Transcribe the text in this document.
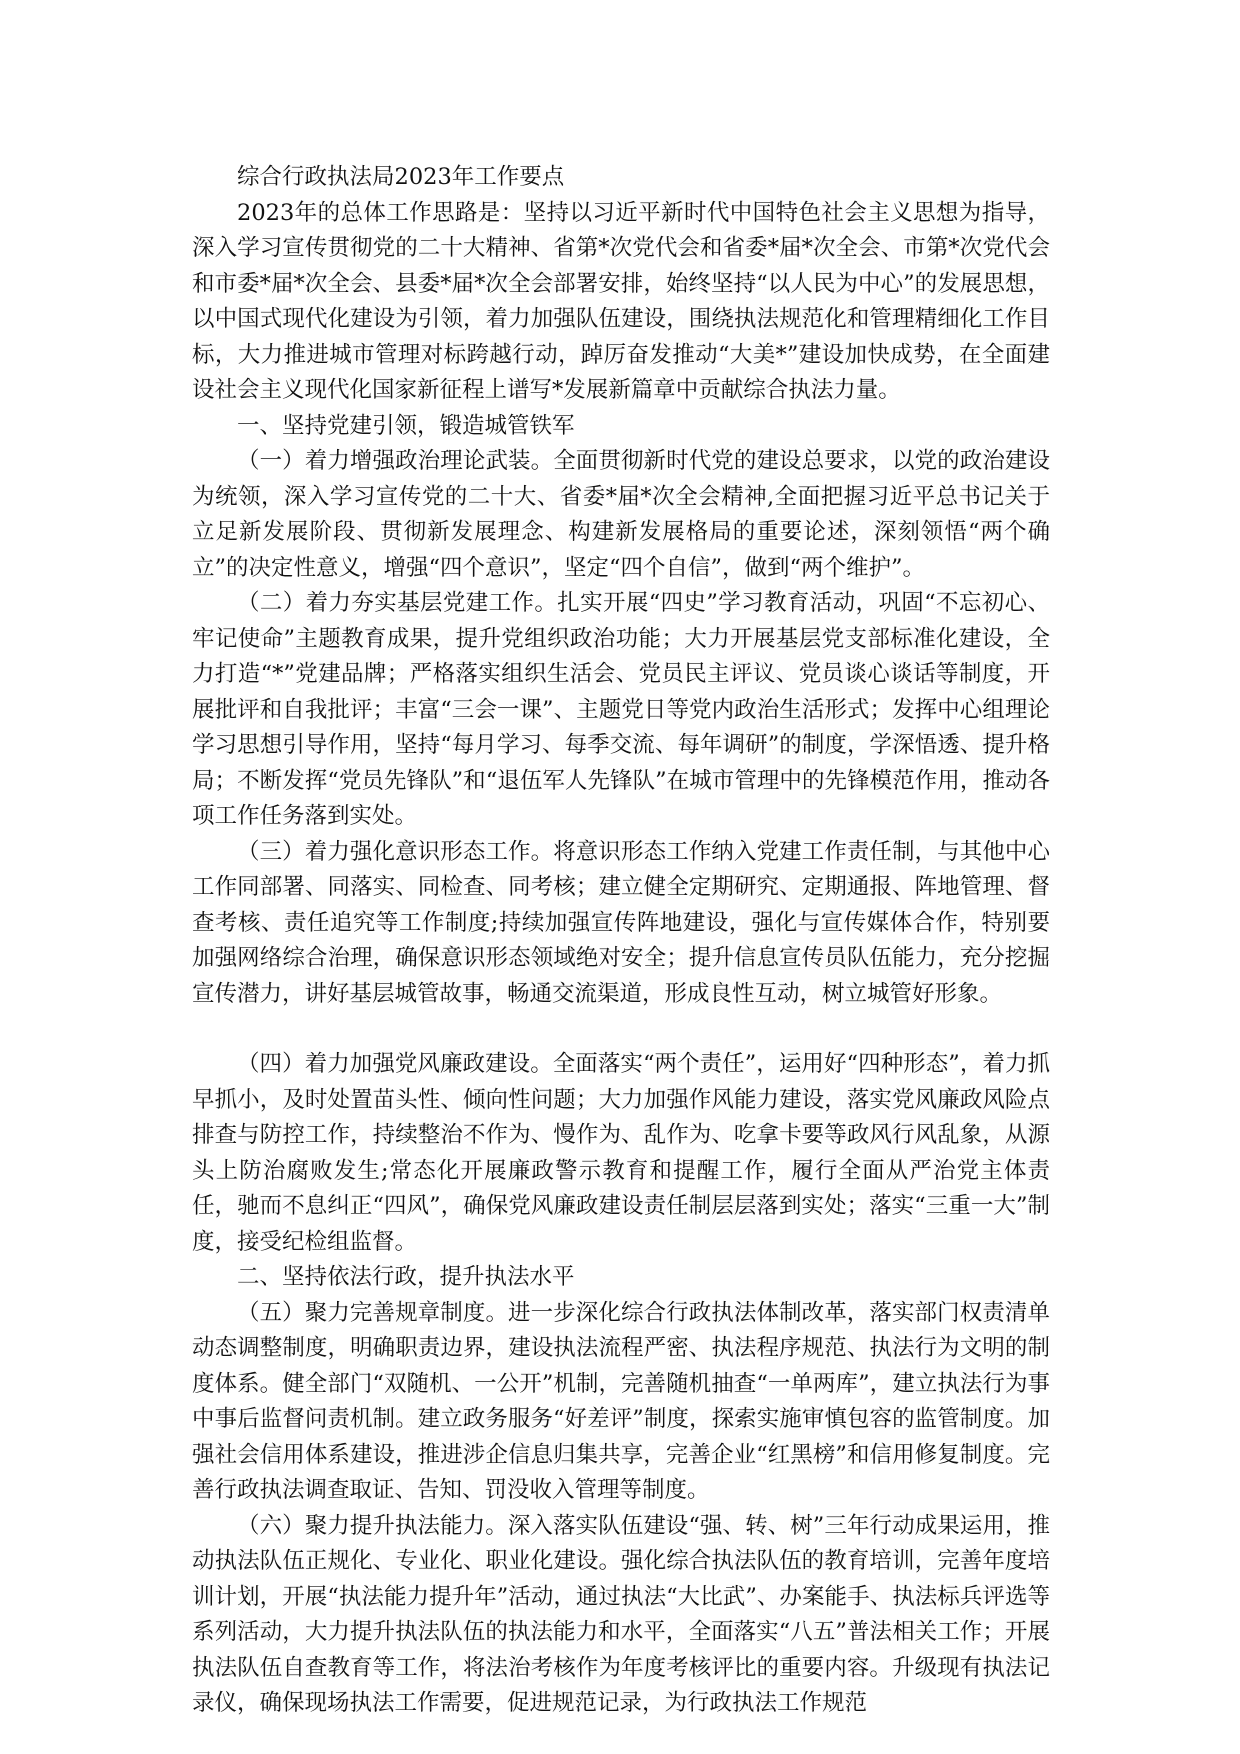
综合行政执法局2023年工作要点

2023年的总体工作思路是：坚持以习近平新时代中国特色社会主义思想为指导，深入学习宣传贯彻党的二十大精神、省第*次党代会和省委*届*次全会、市第*次党代会和市委*届*次全会、县委*届*次全会部署安排，始终坚持“以人民为中心”的发展思想，以中国式现代化建设为引领，着力加强队伍建设，围绕执法规范化和管理精细化工作目标，大力推进城市管理对标跨越行动，踔厉奋发推动“大美*”建设加快成势，在全面建设社会主义现代化国家新征程上谱写*发展新篇章中贡献综合执法力量。

一、坚持党建引领，锻造城管铁军

（一）着力增强政治理论武装。全面贯彻新时代党的建设总要求，以党的政治建设为统领，深入学习宣传党的二十大、省委*届*次全会精神,全面把握习近平总书记关于立足新发展阶段、贯彻新发展理念、构建新发展格局的重要论述，深刻领悟“两个确立”的决定性意义，增强“四个意识”，坚定“四个自信”，做到“两个维护”。

（二）着力夯实基层党建工作。扎实开展“四史”学习教育活动，巩固“不忘初心、牢记使命”主题教育成果，提升党组织政治功能；大力开展基层党支部标准化建设，全力打造“*”党建品牌；严格落实组织生活会、党员民主评议、党员谈心谈话等制度，开展批评和自我批评；丰富“三会一课”、主题党日等党内政治生活形式；发挥中心组理论学习思想引导作用，坚持“每月学习、每季交流、每年调研”的制度，学深悟透、提升格局；不断发挥“党员先锋队”和“退伍军人先锋队”在城市管理中的先锋模范作用，推动各项工作任务落到实处。

（三）着力强化意识形态工作。将意识形态工作纳入党建工作责任制，与其他中心工作同部署、同落实、同检查、同考核；建立健全定期研究、定期通报、阵地管理、督查考核、责任追究等工作制度;持续加强宣传阵地建设，强化与宣传媒体合作，特别要加强网络综合治理，确保意识形态领域绝对安全；提升信息宣传员队伍能力，充分挖掘宣传潜力，讲好基层城管故事，畅通交流渠道，形成良性互动，树立城管好形象。

（四）着力加强党风廉政建设。全面落实“两个责任”，运用好“四种形态”，着力抓早抓小，及时处置苗头性、倾向性问题；大力加强作风能力建设，落实党风廉政风险点排查与防控工作，持续整治不作为、慢作为、乱作为、吃拿卡要等政风行风乱象，从源头上防治腐败发生;常态化开展廉政警示教育和提醒工作，履行全面从严治党主体责任，驰而不息纠正“四风”，确保党风廉政建设责任制层层落到实处；落实“三重一大”制度，接受纪检组监督。

二、坚持依法行政，提升执法水平

（五）聚力完善规章制度。进一步深化综合行政执法体制改革，落实部门权责清单动态调整制度，明确职责边界，建设执法流程严密、执法程序规范、执法行为文明的制度体系。健全部门“双随机、一公开”机制，完善随机抽查“一单两库”，建立执法行为事中事后监督问责机制。建立政务服务“好差评”制度，探索实施审慎包容的监管制度。加强社会信用体系建设，推进涉企信息归集共享，完善企业“红黑榜”和信用修复制度。完善行政执法调查取证、告知、罚没收入管理等制度。

（六）聚力提升执法能力。深入落实队伍建设“强、转、树”三年行动成果运用，推动执法队伍正规化、专业化、职业化建设。强化综合执法队伍的教育培训，完善年度培训计划，开展“执法能力提升年”活动，通过执法“大比武”、办案能手、执法标兵评选等系列活动，大力提升执法队伍的执法能力和水平，全面落实“八五”普法相关工作；开展执法队伍自查教育等工作，将法治考核作为年度考核评比的重要内容。升级现有执法记录仪，确保现场执法工作需要，促进规范记录，为行政执法工作规范
